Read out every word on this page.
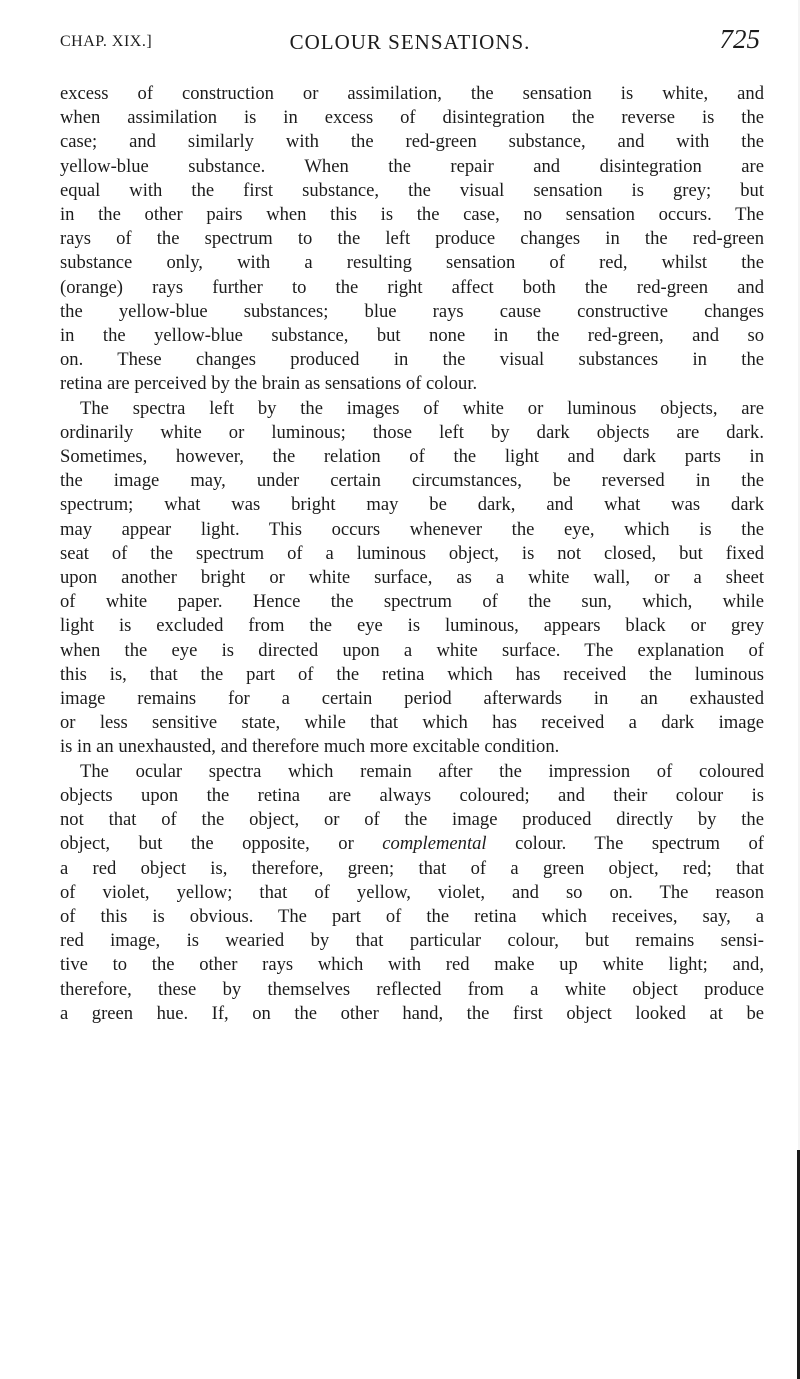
CHAP. XIX.]	COLOUR SENSATIONS.	725
excess of construction or assimilation, the sensation is white, and
when assimilation is in excess of disintegration the reverse is the
case; and similarly with the red-green substance, and with the
yellow-blue substance. When the repair and disintegration are
equal with the first substance, the visual sensation is grey; but
in the other pairs when this is the case, no sensation occurs. The
rays of the spectrum to the left produce changes in the red-green
substance only, with a resulting sensation of red, whilst the
(orange) rays further to the right affect both the red-green and
the yellow-blue substances; blue rays cause constructive changes
in the yellow-blue substance, but none in the red-green, and so
on. These changes produced in the visual substances in the
retina are perceived by the brain as sensations of colour.
The spectra left by the images of white or luminous objects, are
ordinarily white or luminous; those left by dark objects are dark.
Sometimes, however, the relation of the light and dark parts in
the image may, under certain circumstances, be reversed in the
spectrum; what was bright may be dark, and what was dark
may appear light. This occurs whenever the eye, which is the
seat of the spectrum of a luminous object, is not closed, but fixed
upon another bright or white surface, as a white wall, or a sheet
of white paper. Hence the spectrum of the sun, which, while
light is excluded from the eye is luminous, appears black or grey
when the eye is directed upon a white surface. The explanation of
this is, that the part of the retina which has received the luminous
image remains for a certain period afterwards in an exhausted
or less sensitive state, while that which has received a dark image
is in an unexhausted, and therefore much more excitable condition.
The ocular spectra which remain after the impression of coloured
objects upon the retina are always coloured; and their colour is
not that of the object, or of the image produced directly by the
object, but the opposite, or complemental colour. The spectrum of
a red object is, therefore, green; that of a green object, red; that
of violet, yellow; that of yellow, violet, and so on. The reason
of this is obvious. The part of the retina which receives, say, a
red image, is wearied by that particular colour, but remains sensi-
tive to the other rays which with red make up white light; and,
therefore, these by themselves reflected from a white object produce
a green hue. If, on the other hand, the first object looked at be
